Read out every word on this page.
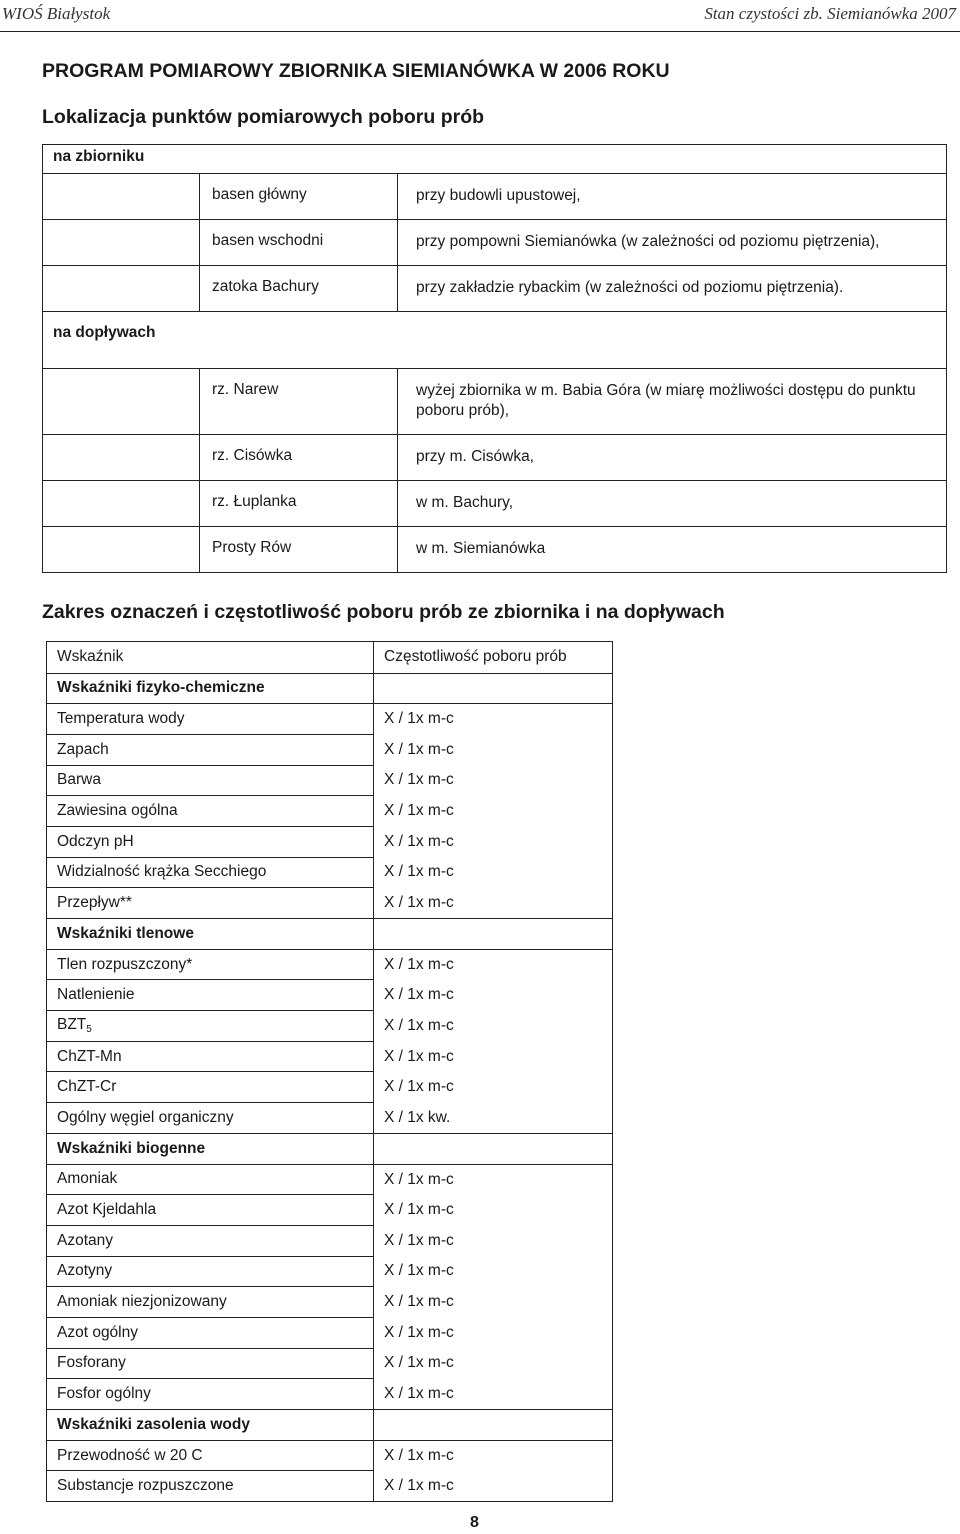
WIOŚ Białystok	Stan czystości zb. Siemianówka 2007
PROGRAM POMIAROWY ZBIORNIKA SIEMIANÓWKA W 2006 ROKU
Lokalizacja punktów pomiarowych poboru prób
na zbiorniku		
	basen główny	przy budowli upustowej,
	basen wschodni	przy pompowni Siemianówka (w zależności od poziomu piętrzenia),
	zatoka Bachury	przy zakładzie rybackim (w zależności od poziomu piętrzenia).
na dopływach		
	rz. Narew	wyżej zbiornika w m. Babia Góra (w miarę możliwości dostępu do punktu poboru prób),
	rz. Cisówka	przy m. Cisówka,
	rz. Łuplanka	w m. Bachury,
	Prosty Rów	w m. Siemianówka
Zakres oznaczeń i częstotliwość poboru prób ze zbiornika i na dopływach
Wskaźnik	Częstotliwość poboru prób
Wskaźniki fizyko-chemiczne	
Temperatura wody	X / 1x m-c
Zapach	X / 1x m-c
Barwa	X / 1x m-c
Zawiesina ogólna	X / 1x m-c
Odczyn pH	X / 1x m-c
Widzialność krążka Secchiego	X / 1x m-c
Przepływ**	X / 1x m-c
Wskaźniki tlenowe	
Tlen rozpuszczony*	X / 1x m-c
Natlenienie	X / 1x m-c
$BZT_5$	X / 1x m-c
ChZT-Mn	X / 1x m-c
ChZT-Cr	X / 1x m-c
Ogólny węgiel organiczny	X / 1x kw.
Wskaźniki biogenne	
Amoniak	X / 1x m-c
Azot Kjeldahla	X / 1x m-c
Azotany	X / 1x m-c
Azotyny	X / 1x m-c
Amoniak niezjonizowany	X / 1x m-c
Azot ogólny	X / 1x m-c
Fosforany	X / 1x m-c
Fosfor ogólny	X / 1x m-c
Wskaźniki zasolenia wody	
Przewodność w 20 C	X / 1x m-c
Substancje rozpuszczone	X / 1x m-c
8
